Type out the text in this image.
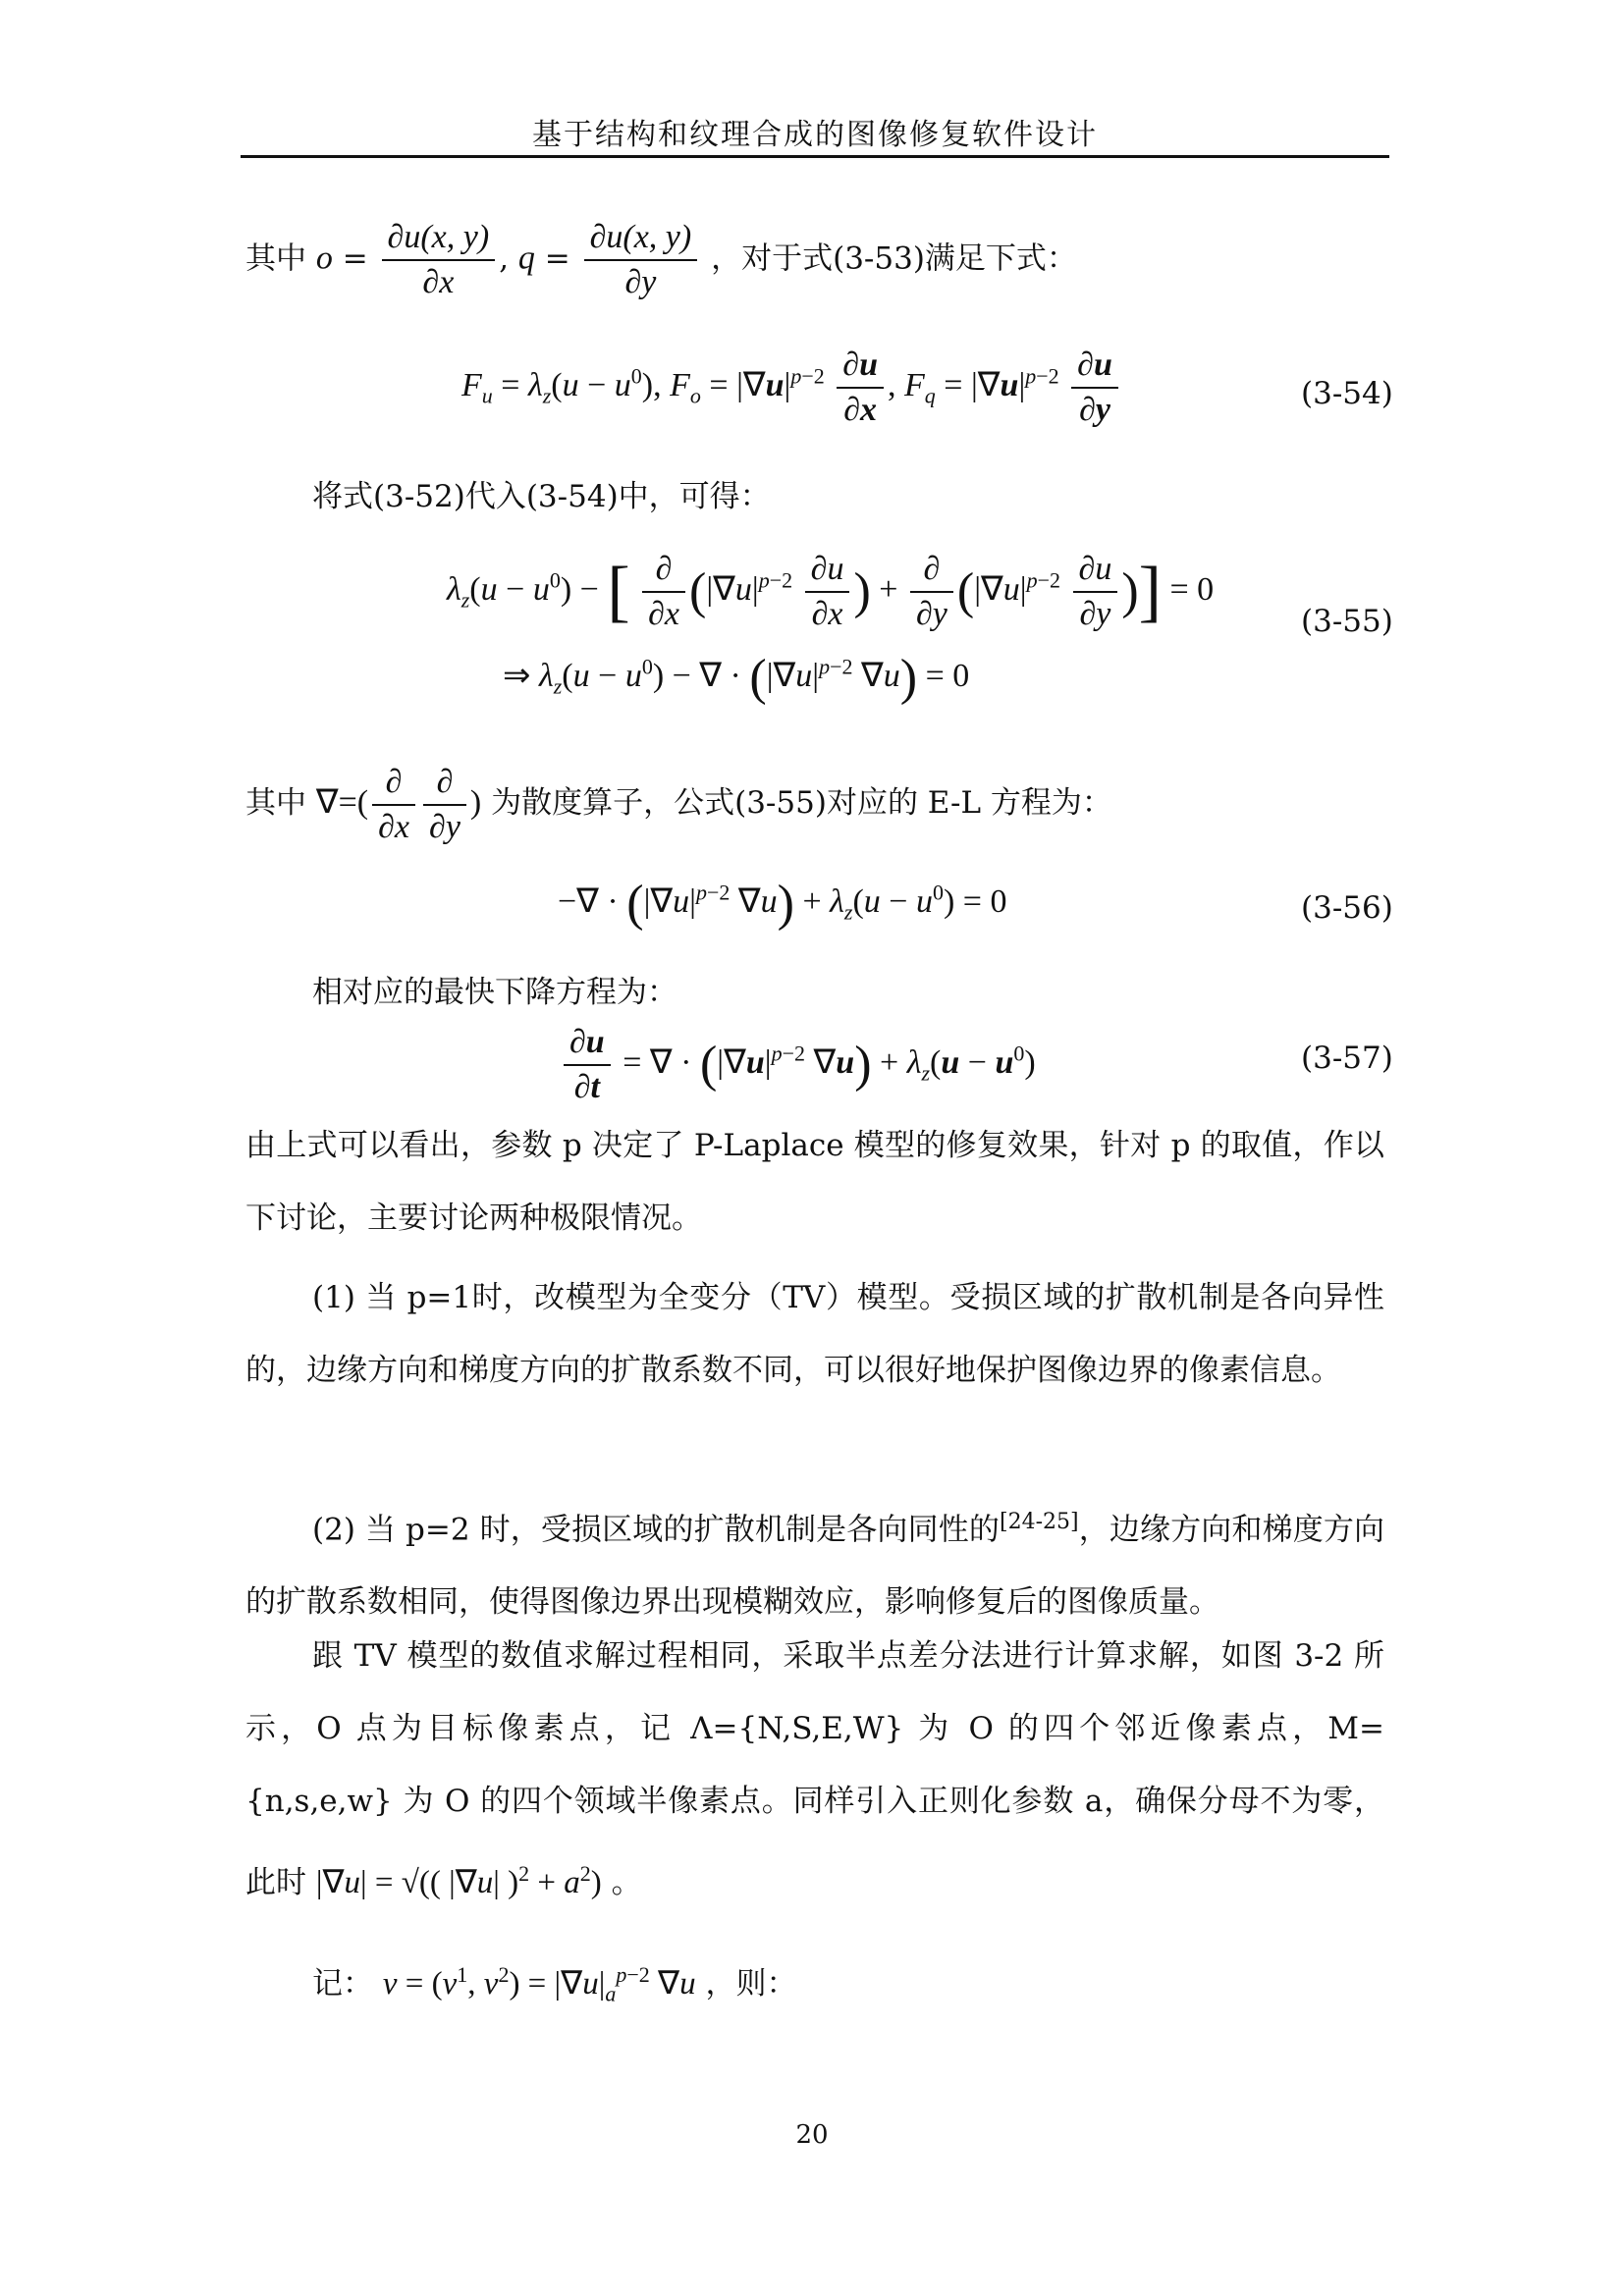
基于结构和纹理合成的图像修复软件设计
其中 $o = \frac{\partial u(x, y)}{\partial x}$ , $q = \frac{\partial u(x, y)}{\partial y}$ ，对于式(3-53)满足下式：
$F_u = \lambda_z(u - u^0)$, $F_o = |\nabla u|^{p-2} \frac{\partial u}{\partial x}$ , $F_q = |\nabla u|^{p-2} \frac{\partial u}{\partial y}$	(3-54)
将式(3-52)代入(3-54)中，可得：
$\lambda_z(u - u^0)$ − [ $\frac{\partial}{\partial x} (|\nabla u|^{p-2} \frac{\partial u}{\partial x}$ ) + $\frac{\partial}{\partial y} (|\nabla u|^{p-2} \frac{\partial u}{\partial y}$ )] = 0
(3-55)
⇒ $\lambda_z(u - u^0)$ − ∇ · ($|\nabla u|^{p-2}$ ∇u) = 0
其中 ∇=( $\frac{\partial}{\partial x} \frac{\partial}{\partial y}$ ) 为散度算子，公式(3-55)对应的 E-L 方程为：
−∇ · ($|\nabla u|^{p-2}$ $\nabla u) + \lambda_z(u - u^0) = 0$	(3-56)
相对应的最快下降方程为：
$\frac{\partial u}{\partial t}$ = ∇ · ($|\nabla u|^{p-2}$ $\nabla u) + \lambda_z(u - u^0)$	(3-57)
由上式可以看出，参数 p 决定了 P-Laplace 模型的修复效果，针对 p 的取值，作以下讨论，主要讨论两种极限情况。
(1) 当 p=1时，改模型为全变分（TV）模型。受损区域的扩散机制是各向异性的，边缘方向和梯度方向的扩散系数不同，可以很好地保护图像边界的像素信息。
(2) 当 p=2 时，受损区域的扩散机制是各向同性的[24-25]，边缘方向和梯度方向的扩散系数相同，使得图像边界出现模糊效应，影响修复后的图像质量。
跟 TV 模型的数值求解过程相同，采取半点差分法进行计算求解，如图 3-2 所示，O 点为目标像素点，记 Λ={N,S,E,W} 为 O 的四个邻近像素点，M={n,s,e,w} 为 O 的四个领域半像素点。同样引入正则化参数 a，确保分母不为零，此时 |∇u| = √(( |∇u| )$^2 + a^2$) 。
记： $v = (v^1$, $v^2) = |\nabla u|_a^{p-2}$ ∇u ，则：
20
